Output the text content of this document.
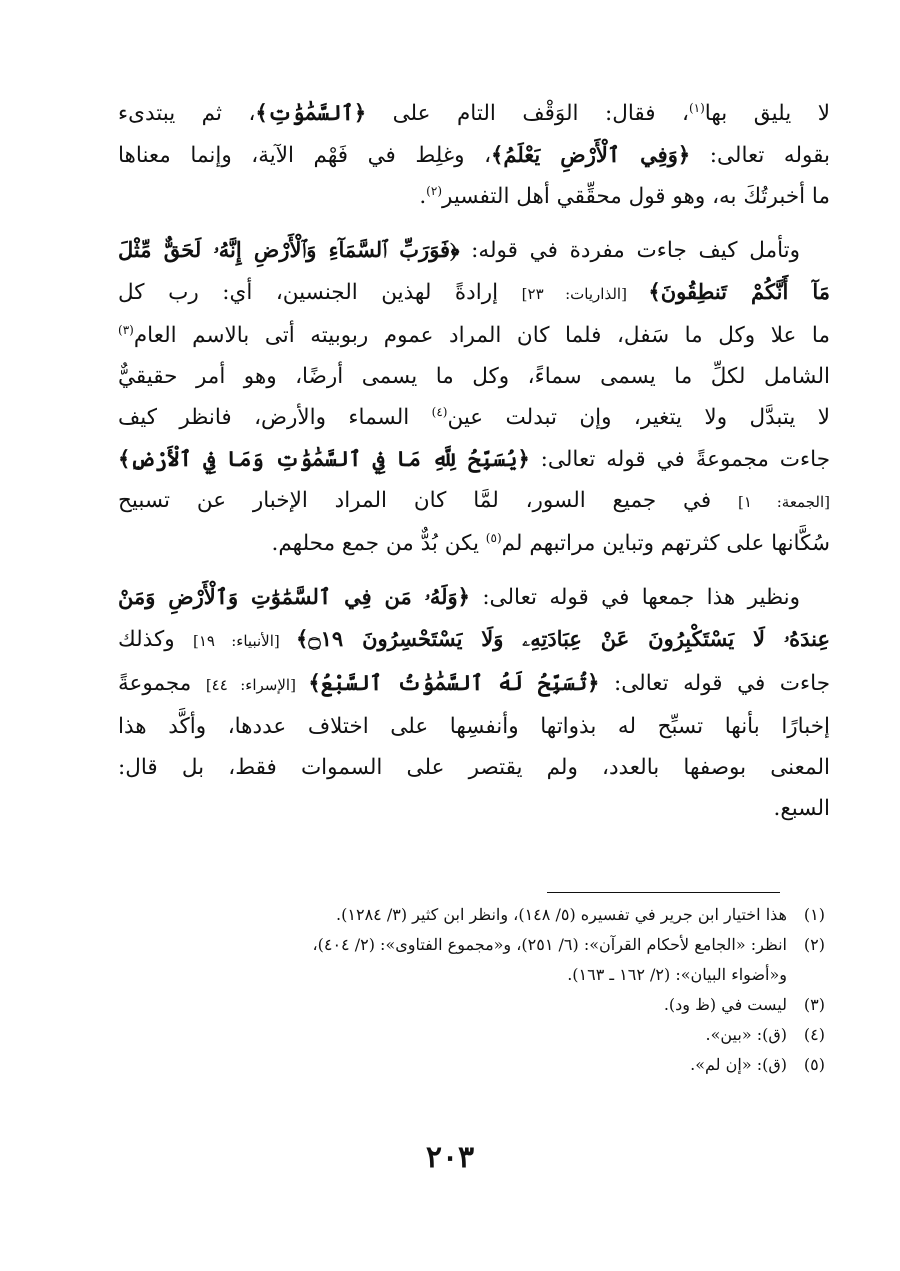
لا يليق بها$^{(١)}$، فقال: الوَقْف التام على ﴿ٱلسَّمَٰوَٰتِ﴾، ثم يبتدىء
بقوله تعالى: ﴿وَفِي ٱلْأَرْضِ يَعْلَمُ﴾، وغلِط في فَهْم الآية، وإنما معناها
ما أخبرتُكَ به، وهو قول محقِّقي أهل التفسير$^{(٢)}$.

وتأمل كيف جاءت مفردة في قوله: ﴿فَوَرَبِّ ٱلسَّمَآءِ وَٱلْأَرْضِ إِنَّهُۥ لَحَقٌّ مِّثْلَ
مَآ أَنَّكُمْ تَنطِقُونَ﴾ [الذاريات: ٢٣] إرادةً لهذين الجنسين، أي: رب كل
ما علا وكل ما سَفل، فلما كان المراد عموم ربوبيته أتى بالاسم العام$^{(٣)}$
الشامل لكلِّ ما يسمى سماءً، وكل ما يسمى أرضًا، وهو أمر حقيقيٌّ
لا يتبدَّل ولا يتغير، وإن تبدلت عين$^{(٤)}$ السماء والأرض، فانظر كيف
جاءت مجموعةً في قوله تعالى: ﴿يُسَبِّحُ لِلَّهِ مَا فِي ٱلسَّمَٰوَٰتِ وَمَا فِي ٱلْأَرْضِ﴾
[الجمعة: ١] في جميع السور، لمَّا كان المراد الإخبار عن تسبيح
سُكَّانها على كثرتهم وتباين مراتبهم لم$^{(٥)}$ يكن بُدٌّ من جمع محلهم.

ونظير هذا جمعها في قوله تعالى: ﴿وَلَهُۥ مَن فِي ٱلسَّمَٰوَٰتِ وَٱلْأَرْضِ وَمَنْ
عِندَهُۥ لَا يَسْتَكْبِرُونَ عَنْ عِبَادَتِهِۦ وَلَا يَسْتَحْسِرُونَ ۝١٩﴾ [الأنبياء: ١٩] وكذلك
جاءت في قوله تعالى: ﴿تُسَبِّحُ لَهُ ٱلسَّمَٰوَٰتُ ٱلسَّبْعُ﴾ [الإسراء: ٤٤] مجموعةً
إخبارًا بأنها تسبِّح له بذواتها وأنفسِها على اختلاف عددها، وأكَّد هذا
المعنى بوصفها بالعدد، ولم يقتصر على السموات فقط، بل قال:
السبع.

(١)
هذا اختيار ابن جرير في تفسيره (٥/ ١٤٨)، وانظر ابن كثير (٣/ ١٢٨٤).
(٢)
انظر: «الجامع لأحكام القرآن»: (٦/ ٢٥١)، و«مجموع الفتاوى»: (٢/ ٤٠٤)،
و«أضواء البيان»: (٢/ ١٦٢ ـ ١٦٣).
(٣)
ليست في (ظ ود).
(٤)
(ق): «بين».
(٥)
(ق): «إن لم».
٢٠٣
